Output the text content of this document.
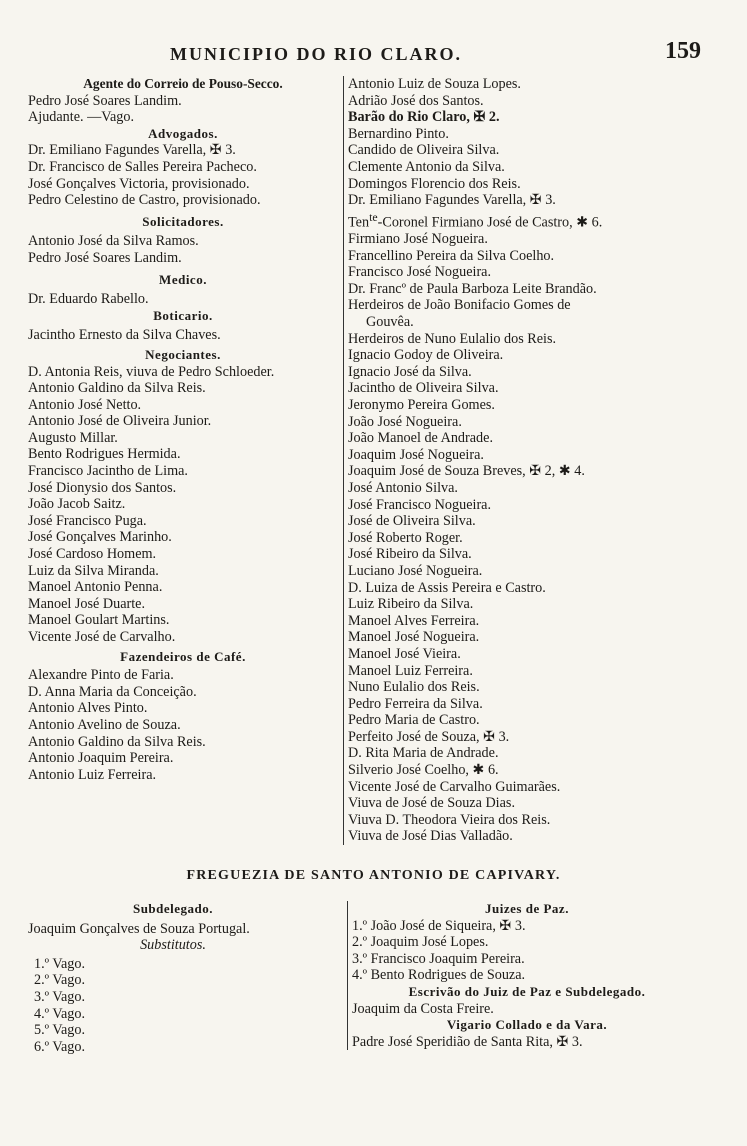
MUNICIPIO DO RIO CLARO.	159
Agente do Correio de Pouso-Secco.
Pedro José Soares Landim.
Ajudante. —Vago.
Advogados.
Dr. Emiliano Fagundes Varella, ✠ 3.
Dr. Francisco de Salles Pereira Pacheco.
José Gonçalves Victoria, provisionado.
Pedro Celestino de Castro, provisionado.
Solicitadores.
Antonio José da Silva Ramos.
Pedro José Soares Landim.
Medico.
Dr. Eduardo Rabello.
Boticario.
Jacintho Ernesto da Silva Chaves.
Negociantes.
D. Antonia Reis, viuva de Pedro Schloeder.
Antonio Galdino da Silva Reis.
Antonio José Netto.
Antonio José de Oliveira Junior.
Augusto Millar.
Bento Rodrigues Hermida.
Francisco Jacintho de Lima.
José Dionysio dos Santos.
João Jacob Saitz.
José Francisco Puga.
José Gonçalves Marinho.
José Cardoso Homem.
Luiz da Silva Miranda.
Manoel Antonio Penna.
Manoel José Duarte.
Manoel Goulart Martins.
Vicente José de Carvalho.
Fazendeiros de Café.
Alexandre Pinto de Faria.
D. Anna Maria da Conceição.
Antonio Alves Pinto.
Antonio Avelino de Souza.
Antonio Galdino da Silva Reis.
Antonio Joaquim Pereira.
Antonio Luiz Ferreira.
Antonio Luiz de Souza Lopes.
Adrião José dos Santos.
Barão do Rio Claro, ✠ 2.
Bernardino Pinto.
Candido de Oliveira Silva.
Clemente Antonio da Silva.
Domingos Florencio dos Reis.
Dr. Emiliano Fagundes Varella, ✠ 3.
Ten$^{te}$-Coronel Firmiano José de Castro, ✱ 6.
Firmiano José Nogueira.
Francellino Pereira da Silva Coelho.
Francisco José Nogueira.
Dr. Francº de Paula Barboza Leite Brandão.
Herdeiros de João Bonifacio Gomes de
Gouvêa.
Herdeiros de Nuno Eulalio dos Reis.
Ignacio Godoy de Oliveira.
Ignacio José da Silva.
Jacintho de Oliveira Silva.
Jeronymo Pereira Gomes.
João José Nogueira.
João Manoel de Andrade.
Joaquim José Nogueira.
Joaquim José de Souza Breves, ✠ 2, ✱ 4.
José Antonio Silva.
José Francisco Nogueira.
José de Oliveira Silva.
José Roberto Roger.
José Ribeiro da Silva.
Luciano José Nogueira.
D. Luiza de Assis Pereira e Castro.
Luiz Ribeiro da Silva.
Manoel Alves Ferreira.
Manoel José Nogueira.
Manoel José Vieira.
Manoel Luiz Ferreira.
Nuno Eulalio dos Reis.
Pedro Ferreira da Silva.
Pedro Maria de Castro.
Perfeito José de Souza, ✠ 3.
D. Rita Maria de Andrade.
Silverio José Coelho, ✱ 6.
Vicente José de Carvalho Guimarães.
Viuva de José de Souza Dias.
Viuva D. Theodora Vieira dos Reis.
Viuva de José Dias Valladão.
FREGUEZIA DE SANTO ANTONIO DE CAPIVARY.
Subdelegado.
Joaquim Gonçalves de Souza Portugal.
Substitutos.
1.º Vago.
2.º Vago.
3.º Vago.
4.º Vago.
5.º Vago.
6.º Vago.
Juizes de Paz.
1.º João José de Siqueira, ✠ 3.
2.º Joaquim José Lopes.
3.º Francisco Joaquim Pereira.
4.º Bento Rodrigues de Souza.
Escrivão do Juiz de Paz e Subdelegado.
Joaquim da Costa Freire.
Vigario Collado e da Vara.
Padre José Speridião de Santa Rita, ✠ 3.
